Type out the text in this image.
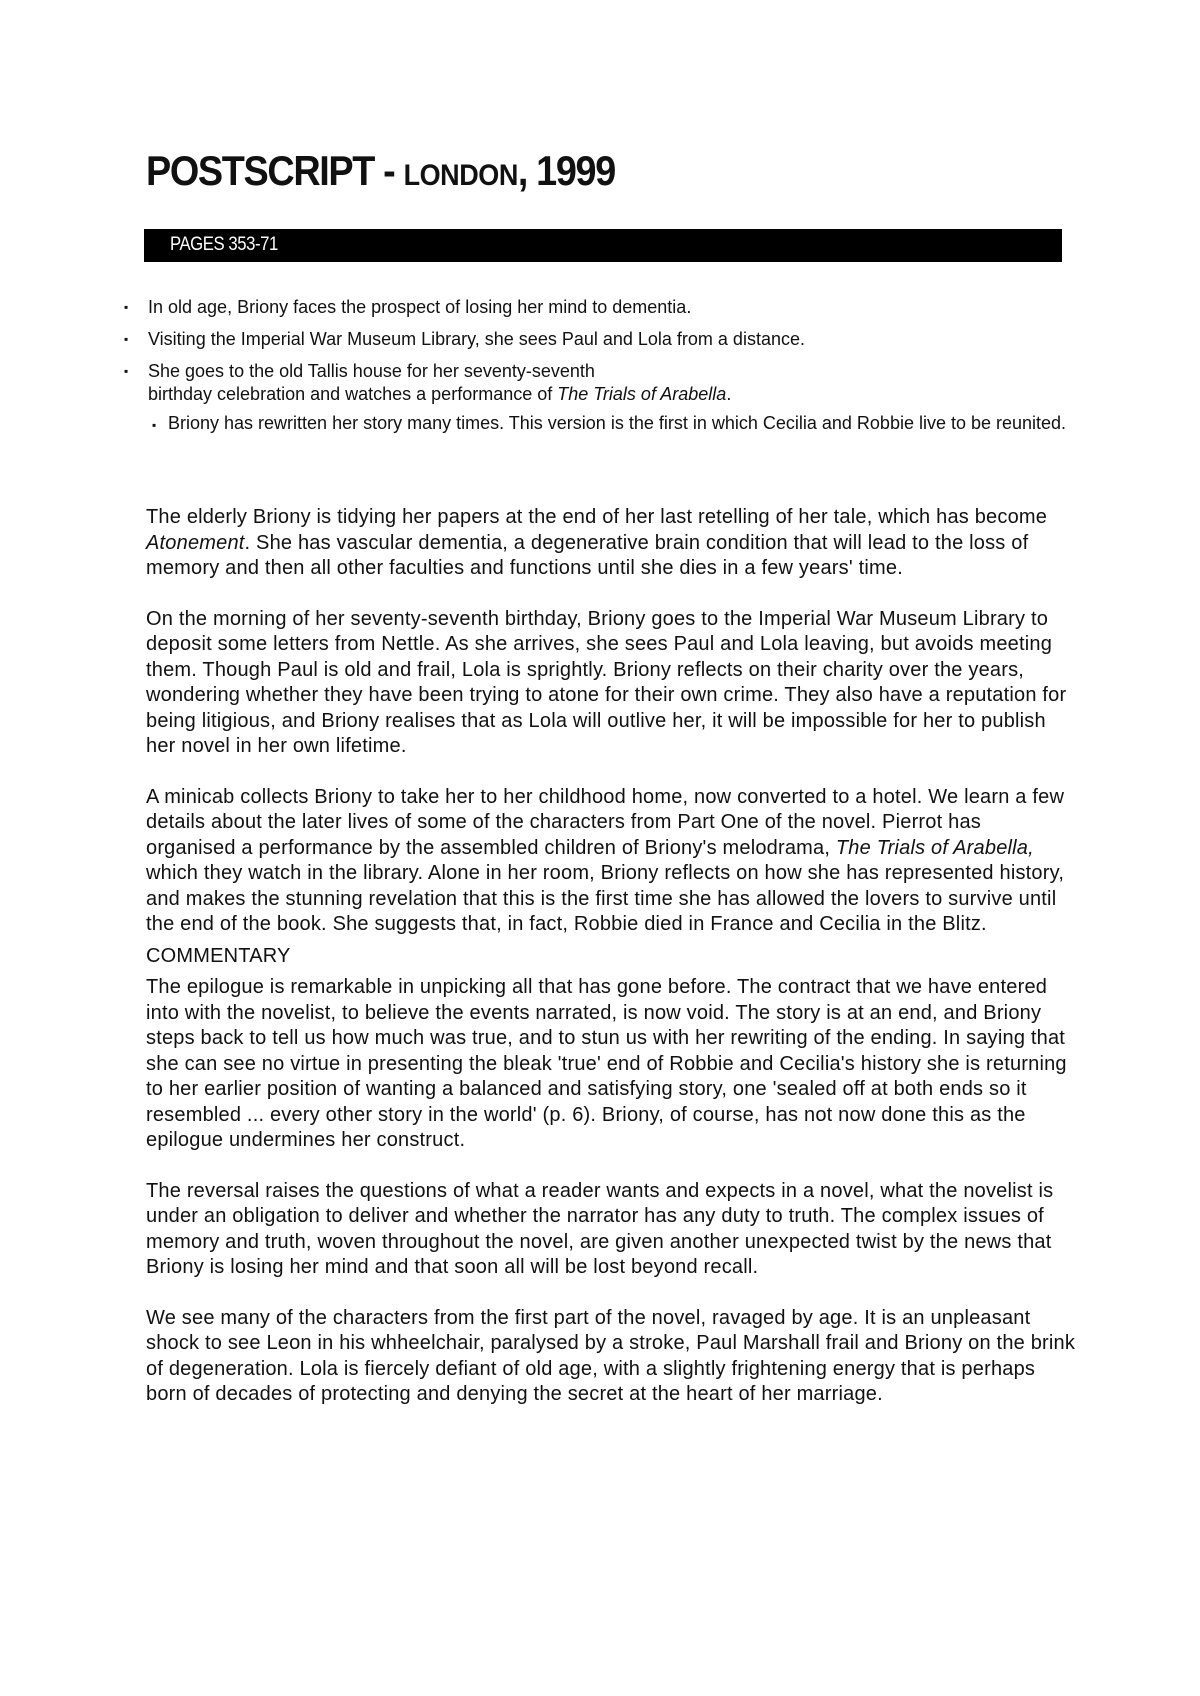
POSTSCRIPT - LONDON, 1999
PAGES 353-71
▪ In old age, Briony faces the prospect of losing her mind to dementia.
▪ Visiting the Imperial War Museum Library, she sees Paul and Lola from a distance.
▪ She goes to the old Tallis house for her seventy-seventh
birthday celebration and watches a performance of The Trials of Arabella.
▪ Briony has rewritten her story many times. This version is the first in which Cecilia and Robbie live to be reunited.

The elderly Briony is tidying her papers at the end of her last retelling of her tale, which has become Atonement. She has vascular dementia, a degenerative brain condition that will lead to the loss of memory and then all other faculties and functions until she dies in a few years' time.

On the morning of her seventy-seventh birthday, Briony goes to the Imperial War Museum Library to deposit some letters from Nettle. As she arrives, she sees Paul and Lola leaving, but avoids meeting them. Though Paul is old and frail, Lola is sprightly. Briony reflects on their charity over the years, wondering whether they have been trying to atone for their own crime. They also have a reputation for being litigious, and Briony realises that as Lola will outlive her, it will be impossible for her to publish her novel in her own lifetime.

A minicab collects Briony to take her to her childhood home, now converted to a hotel. We learn a few details about the later lives of some of the characters from Part One of the novel. Pierrot has organised a performance by the assembled children of Briony's melodrama, The Trials of Arabella, which they watch in the library. Alone in her room, Briony reflects on how she has represented history, and makes the stunning revelation that this is the first time she has allowed the lovers to survive until the end of the book. She suggests that, in fact, Robbie died in France and Cecilia in the Blitz.

COMMENTARY

The epilogue is remarkable in unpicking all that has gone before. The contract that we have entered into with the novelist, to believe the events narrated, is now void. The story is at an end, and Briony steps back to tell us how much was true, and to stun us with her rewriting of the ending. In saying that she can see no virtue in presenting the bleak 'true' end of Robbie and Cecilia's history she is returning to her earlier position of wanting a balanced and satisfying story, one 'sealed off at both ends so it resembled ... every other story in the world' (p. 6). Briony, of course, has not now done this as the epilogue undermines her construct.

The reversal raises the questions of what a reader wants and expects in a novel, what the novelist is under an obligation to deliver and whether the narrator has any duty to truth. The complex issues of memory and truth, woven throughout the novel, are given another unexpected twist by the news that Briony is losing her mind and that soon all will be lost beyond recall.

We see many of the characters from the first part of the novel, ravaged by age. It is an unpleasant shock to see Leon in his whheelchair, paralysed by a stroke, Paul Marshall frail and Briony on the brink of degeneration. Lola is fiercely defiant of old age, with a slightly frightening energy that is perhaps born of decades of protecting and denying the secret at the heart of her marriage.
